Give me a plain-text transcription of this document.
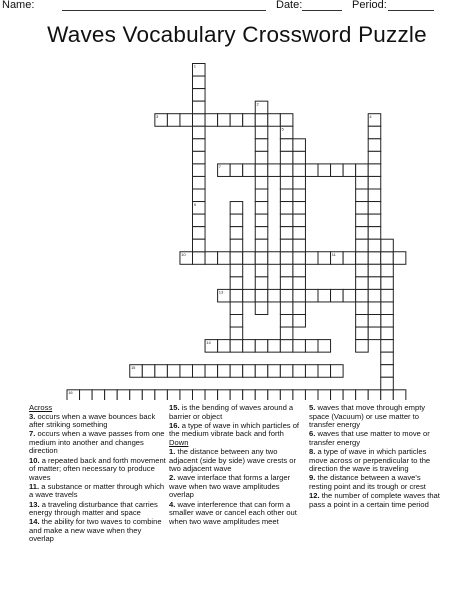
Name:	Date:	Period:
Waves Vocabulary Crossword Puzzle
1
2
3	4
5
7
9
10	11
13
14
15
16
Across
3. occurs when a wave bounces back after striking something
7. occurs when a wave passes from one medium into another and changes direction
10. a repeated back and forth movement of matter; often necessary to produce waves
11. a substance or matter through which a wave travels
13. a traveling disturbance that carries energy through matter and space
14. the ability for two waves to combine and make a new wave when they overlap
15. is the bending of waves around a barrier or object
16. a type of wave in which particles of the medium vibrate back and forth
Down
1. the distance between any two adjacent (side by side) wave crests or two adjacent wave
2. wave interface that forms a larger wave when two wave amplitudes overlap
4. wave interference that can form a smaller wave or cancel each other out when two wave amplitudes meet
5. waves that move through empty space (Vacuum) or use matter to transfer energy
6. waves that use matter to move or transfer energy
8. a type of wave in which particles move across or perpendicular to the direction the wave is traveling
9. the distance between a wave's resting point and its trough or crest
12. the number of complete waves that pass a point in a certain time period
